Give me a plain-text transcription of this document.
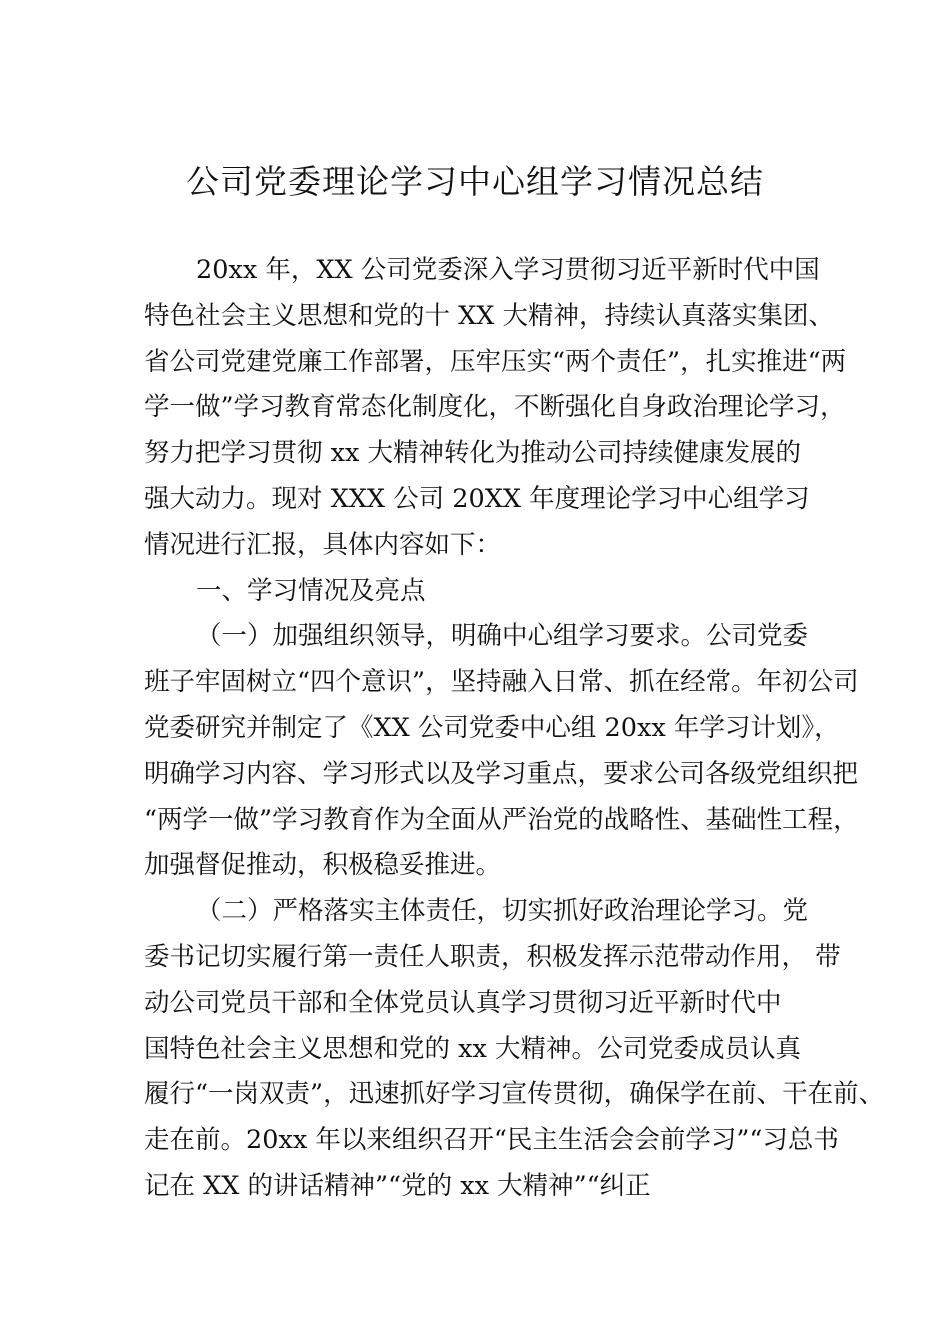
公司党委理论学习中心组学习情况总结
20xx 年，XX 公司党委深入学习贯彻习近平新时代中国
特色社会主义思想和党的十 XX 大精神，持续认真落实集团、
省公司党建党廉工作部署，压牢压实“两个责任”，扎实推进“两
学一做”学习教育常态化制度化，不断强化自身政治理论学习，
努力把学习贯彻 xx 大精神转化为推动公司持续健康发展的
强大动力。现对 XXX 公司 20XX 年度理论学习中心组学习
情况进行汇报，具体内容如下：
一、学习情况及亮点
（一）加强组织领导，明确中心组学习要求。公司党委
班子牢固树立“四个意识”，坚持融入日常、抓在经常。年初公司
党委研究并制定了《XX 公司党委中心组 20xx 年学习计划》，
明确学习内容、学习形式以及学习重点，要求公司各级党组织把
“两学一做”学习教育作为全面从严治党的战略性、基础性工程，
加强督促推动，积极稳妥推进。
（二）严格落实主体责任，切实抓好政治理论学习。党
委书记切实履行第一责任人职责，积极发挥示范带动作用， 带
动公司党员干部和全体党员认真学习贯彻习近平新时代中
国特色社会主义思想和党的 xx 大精神。公司党委成员认真
履行“一岗双责”，迅速抓好学习宣传贯彻，确保学在前、干在前、
走在前。20xx 年以来组织召开“民主生活会会前学习”“习总书
记在 XX 的讲话精神”“党的 xx 大精神”“纠正
